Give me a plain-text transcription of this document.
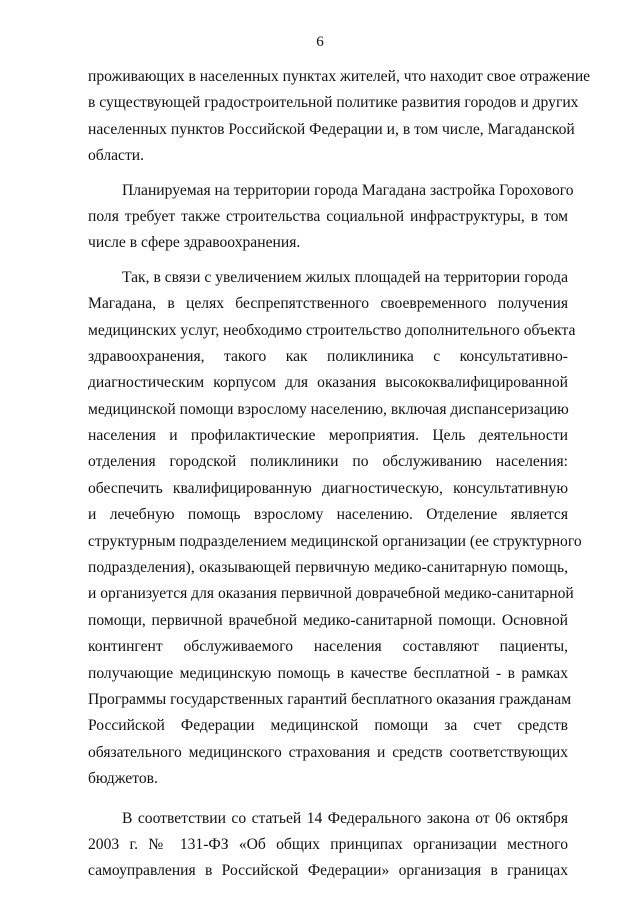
6

проживающих в населенных пунктах жителей, что находит свое отражение
в существующей градостроительной политике развития городов и других
населенных пунктов Российской Федерации и, в том числе, Магаданской
области.

Планируемая на территории города Магадана застройка Горохового
поля требует также строительства социальной инфраструктуры, в том
числе в сфере здравоохранения.

Так, в связи с увеличением жилых площадей на территории города
Магадана, в целях беспрепятственного своевременного получения
медицинских услуг, необходимо строительство дополнительного объекта
здравоохранения, такого как поликлиника с консультативно-
диагностическим корпусом для оказания высококвалифицированной
медицинской помощи взрослому населению, включая диспансеризацию
населения и профилактические мероприятия. Цель деятельности
отделения городской поликлиники по обслуживанию населения:
обеспечить квалифицированную диагностическую, консультативную
и лечебную помощь взрослому населению. Отделение является
структурным подразделением медицинской организации (ее структурного
подразделения), оказывающей первичную медико-санитарную помощь,
и организуется для оказания первичной доврачебной медико-санитарной
помощи, первичной врачебной медико-санитарной помощи. Основной
контингент обслуживаемого населения составляют пациенты,
получающие медицинскую помощь в качестве бесплатной - в рамках
Программы государственных гарантий бесплатного оказания гражданам
Российской Федерации медицинской помощи за счет средств
обязательного медицинского страхования и средств соответствующих
бюджетов.

В соответствии со статьей 14 Федерального закона от 06 октября
2003 г. № 131-ФЗ «Об общих принципах организации местного
самоуправления в Российской Федерации» организация в границах
